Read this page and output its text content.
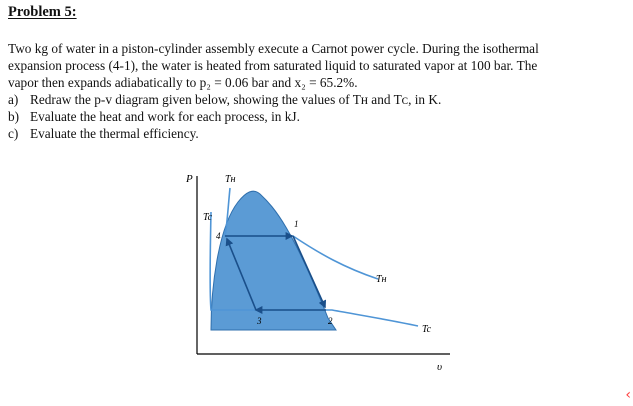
Problem 5:

Two kg of water in a piston-cylinder assembly execute a Carnot power cycle. During the isothermal
expansion process (4-1), the water is heated from saturated liquid to saturated vapor at 100 bar. The
vapor then expands adiabatically to p₂ = 0.06 bar and x₂ = 65.2%.

a) Redraw the p-v diagram given below, showing the values of Tʜ and Tᴄ, in K.
b) Evaluate the heat and work for each process, in kJ.
c) Evaluate the thermal efficiency.
P
υ
Tʜ
Tc
Tʜ
Tc
1
2
3
4
‹
